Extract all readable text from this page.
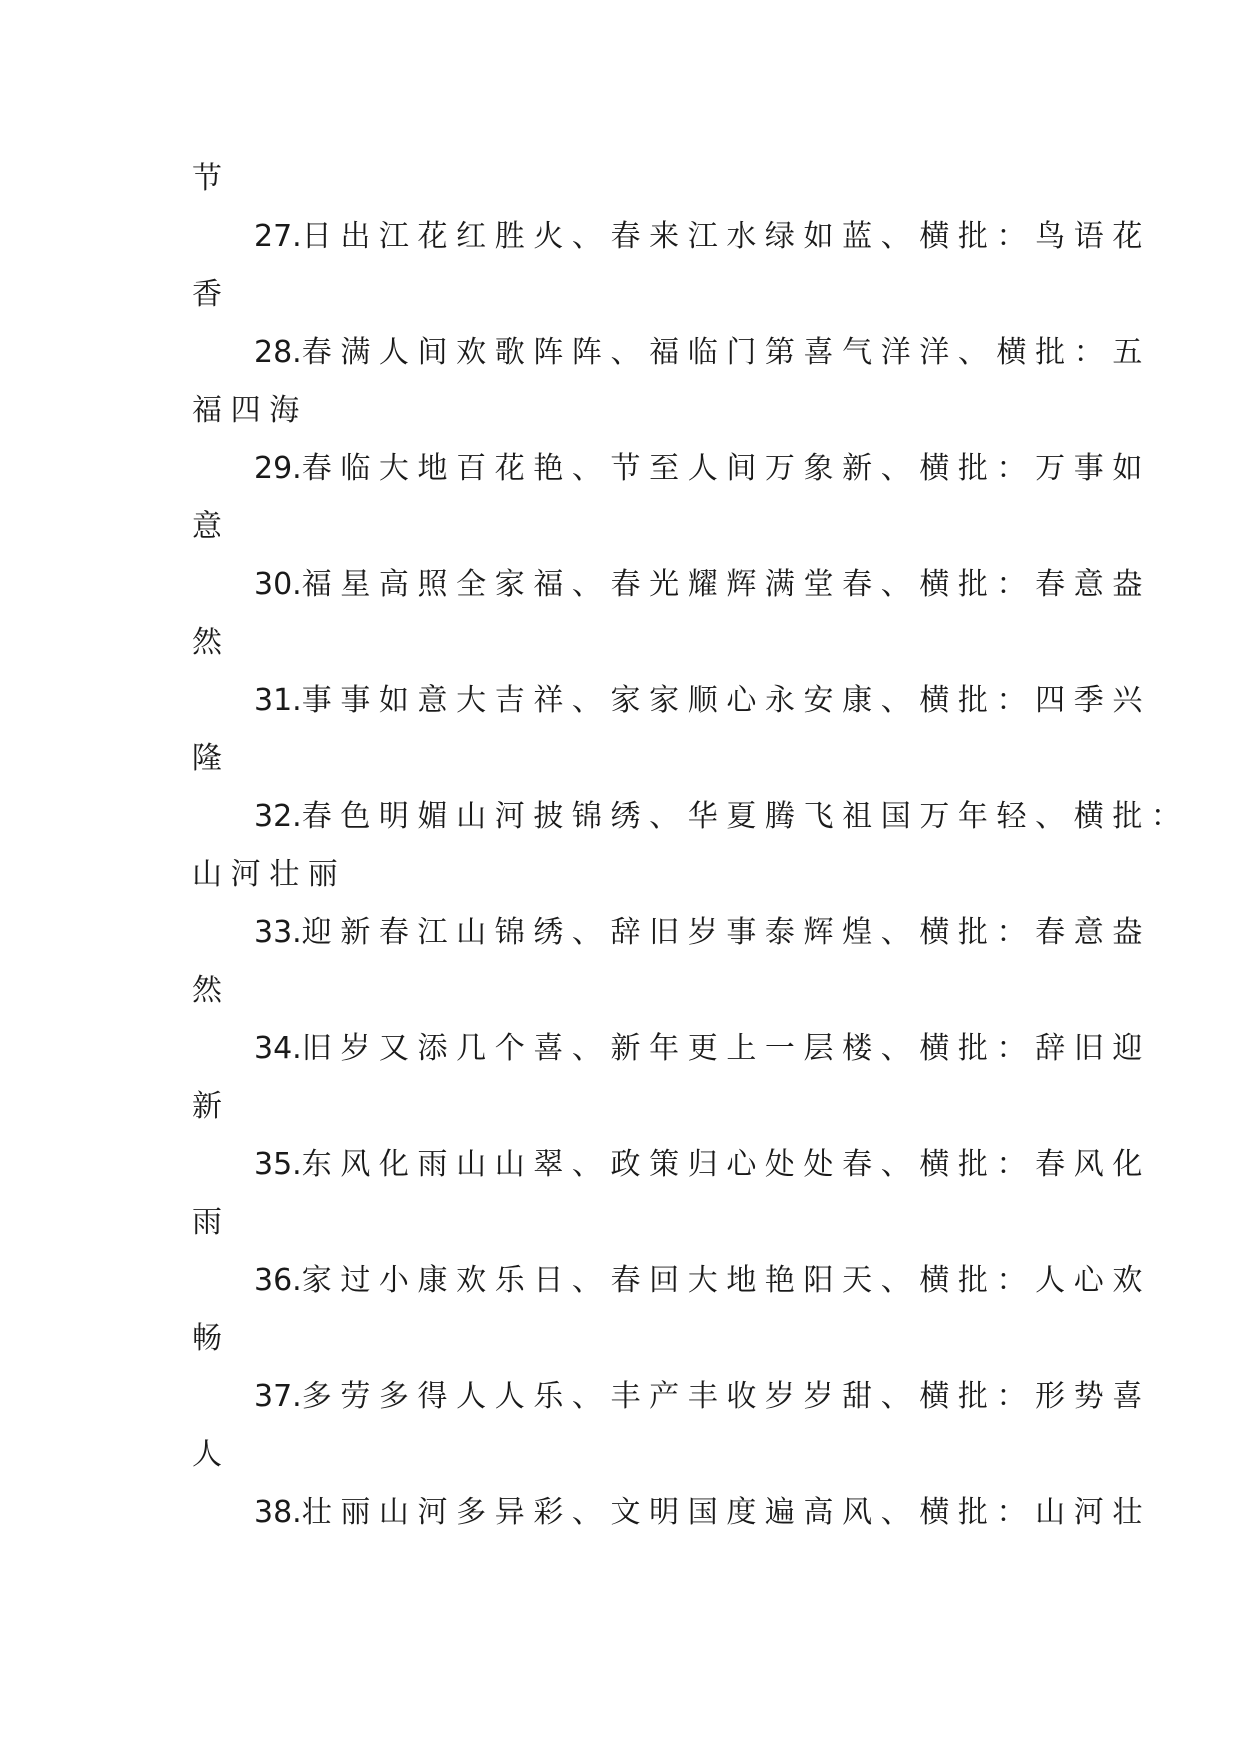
节

27.日出江花红胜火、春来江水绿如蓝、横批：鸟语花
香

28.春满人间欢歌阵阵、福临门第喜气洋洋、横批：五
福四海

29.春临大地百花艳、节至人间万象新、横批：万事如
意

30.福星高照全家福、春光耀辉满堂春、横批：春意盎
然

31.事事如意大吉祥、家家顺心永安康、横批：四季兴
隆

32.春色明媚山河披锦绣、华夏腾飞祖国万年轻、横批：
山河壮丽

33.迎新春江山锦绣、辞旧岁事泰辉煌、横批：春意盎
然

34.旧岁又添几个喜、新年更上一层楼、横批：辞旧迎
新

35.东风化雨山山翠、政策归心处处春、横批：春风化
雨

36.家过小康欢乐日、春回大地艳阳天、横批：人心欢
畅

37.多劳多得人人乐、丰产丰收岁岁甜、横批：形势喜
人

38.壮丽山河多异彩、文明国度遍高风、横批：山河壮
